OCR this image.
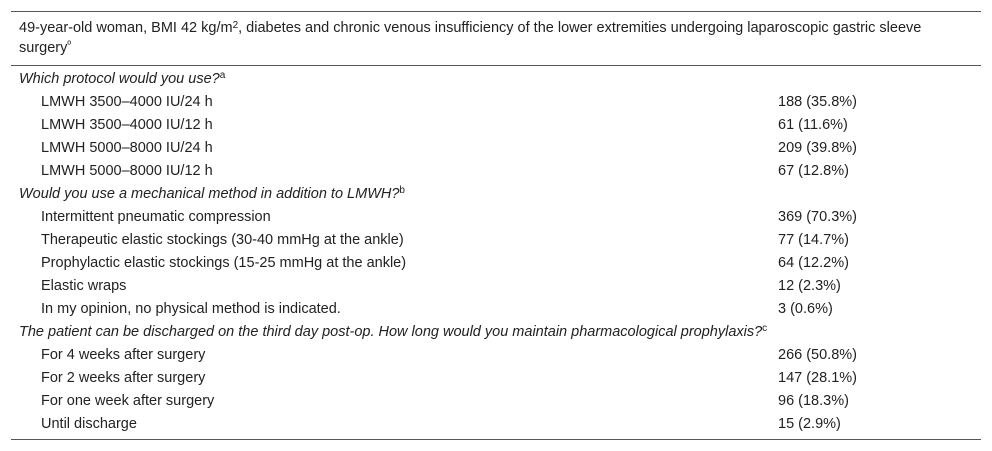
49-year-old woman, BMI 42 $kg/m^2$, diabetes and chronic venous insufficiency of the lower extremities undergoing laparoscopic gastric sleeve surgery$^º$
Which protocol would you use?$^a$
LMWH 3500–4000 IU/24 h	188 (35.8%)
LMWH 3500–4000 IU/12 h	61 (11.6%)
LMWH 5000–8000 IU/24 h	209 (39.8%)
LMWH 5000–8000 IU/12 h	67 (12.8%)
Would you use a mechanical method in addition to LMWH?$^b$
Intermittent pneumatic compression	369 (70.3%)
Therapeutic elastic stockings (30-40 mmHg at the ankle)	77 (14.7%)
Prophylactic elastic stockings (15-25 mmHg at the ankle)	64 (12.2%)
Elastic wraps	12 (2.3%)
In my opinion, no physical method is indicated.	3 (0.6%)
The patient can be discharged on the third day post-op. How long would you maintain pharmacological prophylaxis?$^c$
For 4 weeks after surgery	266 (50.8%)
For 2 weeks after surgery	147 (28.1%)
For one week after surgery	96 (18.3%)
Until discharge	15 (2.9%)
